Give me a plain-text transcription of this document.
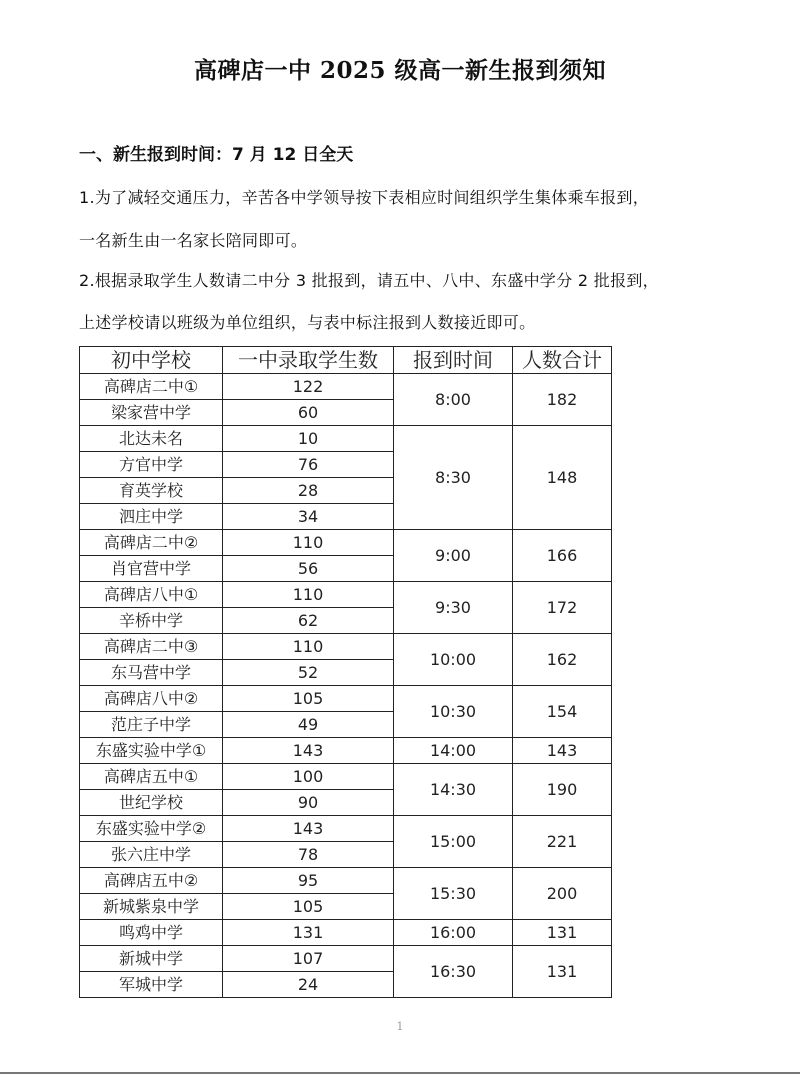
高碑店一中 2025 级高一新生报到须知
一、新生报到时间：7 月 12 日全天
1.为了减轻交通压力，辛苦各中学领导按下表相应时间组织学生集体乘车报到，
一名新生由一名家长陪同即可。
2.根据录取学生人数请二中分 3 批报到，请五中、八中、东盛中学分 2 批报到，
上述学校请以班级为单位组织，与表中标注报到人数接近即可。
初中学校	一中录取学生数	报到时间	人数合计
高碑店二中①	122	8:00	182
梁家营中学	60		
北达未名	10	8:30	148
方官中学	76		
育英学校	28		
泗庄中学	34		
高碑店二中②	110	9:00	166
肖官营中学	56		
高碑店八中①	110	9:30	172
辛桥中学	62		
高碑店二中③	110	10:00	162
东马营中学	52		
高碑店八中②	105	10:30	154
范庄子中学	49		
东盛实验中学①	143	14:00	143
高碑店五中①	100	14:30	190
世纪学校	90		
东盛实验中学②	143	15:00	221
张六庄中学	78		
高碑店五中②	95	15:30	200
新城紫泉中学	105		
鸣鸡中学	131	16:00	131
新城中学	107	16:30	131
军城中学	24		
1
